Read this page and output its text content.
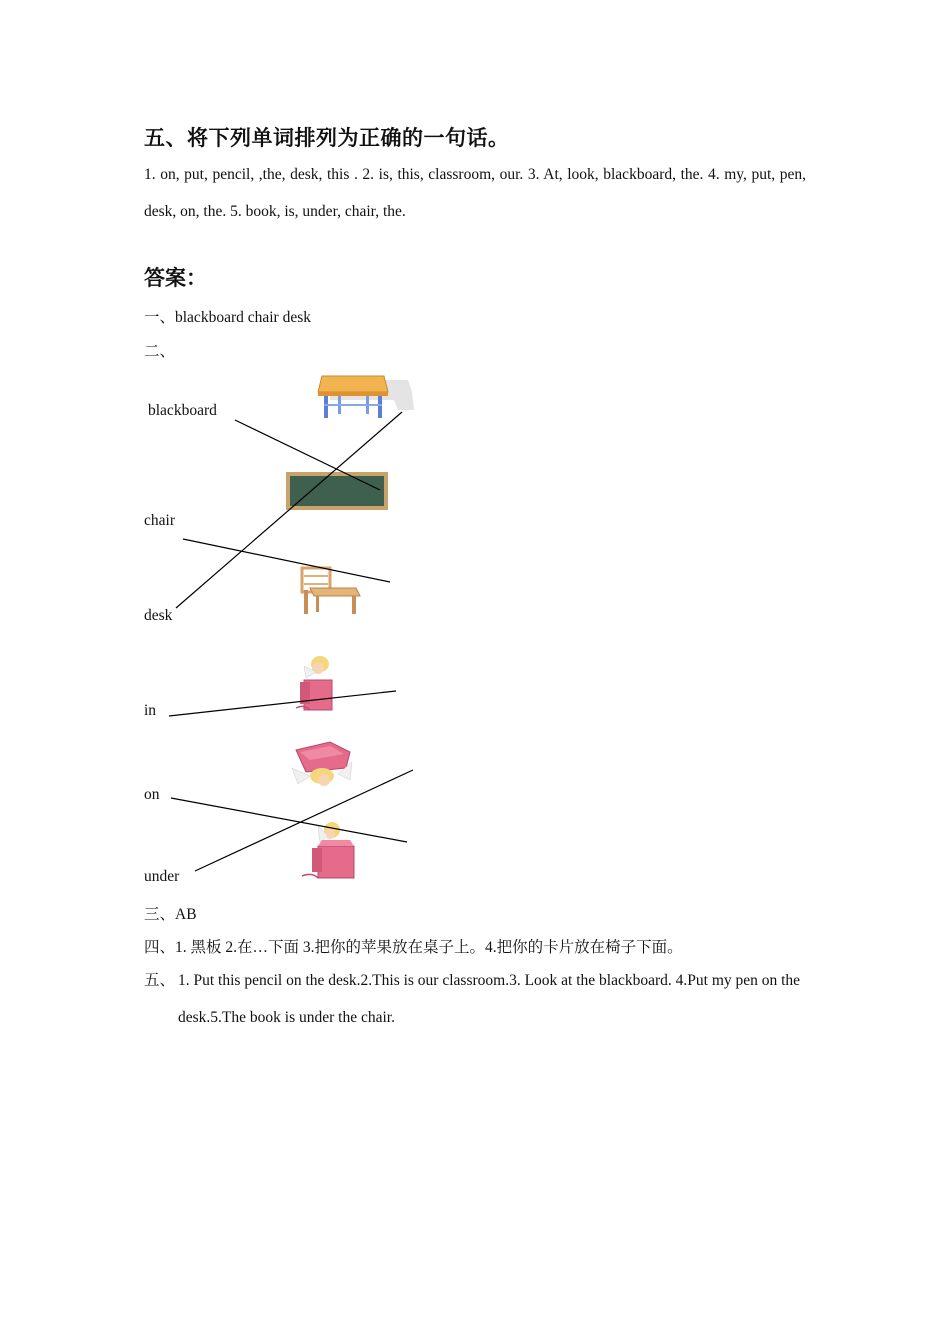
五、将下列单词排列为正确的一句话。
1. on, put, pencil, ,the, desk, this . 2. is, this, classroom, our. 3. At, look, blackboard, the. 4. my, put, pen, desk, on, the. 5. book, is, under, chair, the.
答案：
一、blackboard chair desk
二、
blackboard
chair
desk
in
on
under
三、AB
四、1. 黑板 2.在…下面 3.把你的苹果放在桌子上。4.把你的卡片放在椅子下面。
五、 1. Put this pencil on the desk.2.This is our classroom.3. Look at the blackboard. 4.Put my pen on the desk.5.The book is under the chair.
